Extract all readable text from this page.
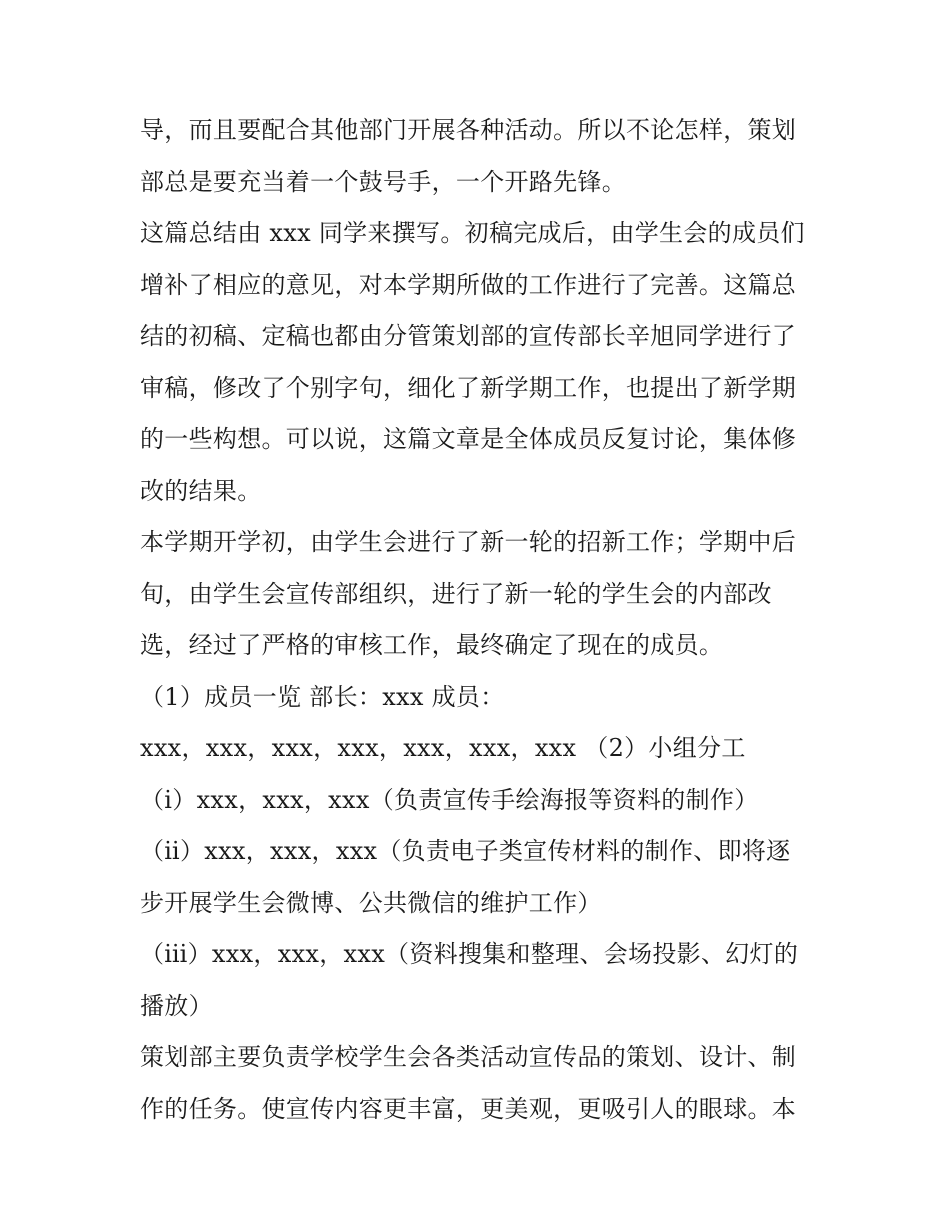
导，而且要配合其他部门开展各种活动。所以不论怎样，策划
部总是要充当着一个鼓号手，一个开路先锋。
这篇总结由 xxx 同学来撰写。初稿完成后，由学生会的成员们
增补了相应的意见，对本学期所做的工作进行了完善。这篇总
结的初稿、定稿也都由分管策划部的宣传部长辛旭同学进行了
审稿，修改了个别字句，细化了新学期工作，也提出了新学期
的一些构想。可以说，这篇文章是全体成员反复讨论，集体修
改的结果。
本学期开学初，由学生会进行了新一轮的招新工作；学期中后
旬，由学生会宣传部组织，进行了新一轮的学生会的内部改
选，经过了严格的审核工作，最终确定了现在的成员。
（1）成员一览 部长：xxx 成员：
xxx，xxx，xxx，xxx，xxx，xxx，xxx （2）小组分工
（ⅰ）xxx，xxx，xxx（负责宣传手绘海报等资料的制作）
（ⅱ）xxx，xxx，xxx（负责电子类宣传材料的制作、即将逐
步开展学生会微博、公共微信的维护工作）
（ⅲ）xxx，xxx，xxx（资料搜集和整理、会场投影、幻灯的
播放）
策划部主要负责学校学生会各类活动宣传品的策划、设计、制
作的任务。使宣传内容更丰富，更美观，更吸引人的眼球。本
